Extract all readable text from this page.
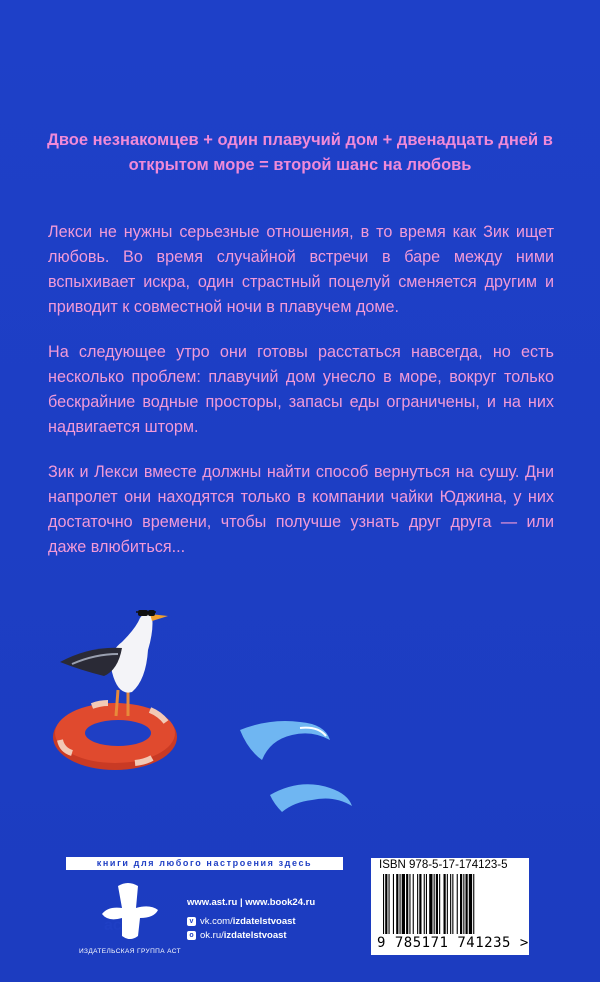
Двое незнакомцев + один плавучий дом + двенадцать дней в открытом море = второй шанс на любовь
Лекси не нужны серьезные отношения, в то время как Зик ищет любовь. Во время случайной встречи в баре между ними вспыхивает искра, один страстный поцелуй сменяется другим и приводит к совместной ночи в плавучем доме.
На следующее утро они готовы расстаться навсегда, но есть несколько проблем: плавучий дом унесло в море, вокруг только бескрайние водные просторы, запасы еды ограничены, и на них надвигается шторм.
Зик и Лекси вместе должны найти способ вернуться на сушу. Дни напролет они находятся только в компании чайки Юджина, у них достаточно времени, чтобы получше узнать друг друга — или даже влюбиться...
книги для любого настроения здесь
ас
ИЗДАТЕЛЬСКАЯ ГРУППА АСТ
www.ast.ru | www.book24.ru
v vk.com/izdatelstvoast
o ok.ru/izdatelstvoast
ISBN 978-5-17-174123-5
9 785171 741235 >
